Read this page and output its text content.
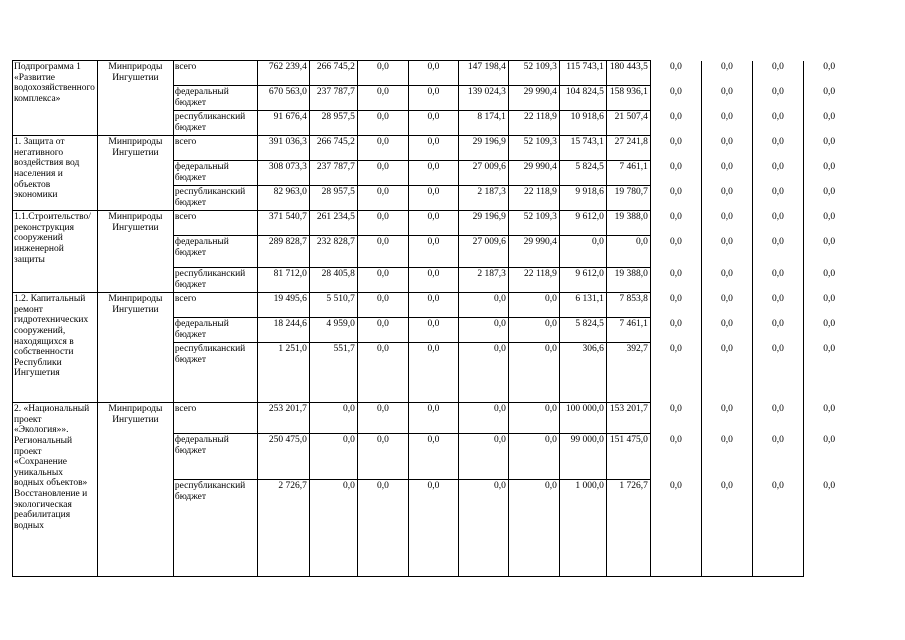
Подпрограмма 1 «Развитие водохозяйственного комплекса»	Минприроды Ингушетии	всего	762 239,4	266 745,2	0,0	0,0	147 198,4	52 109,3	115 743,1	180 443,5	0,0	0,0	0,0	0,0
		федеральный бюджет	670 563,0	237 787,7	0,0	0,0	139 024,3	29 990,4	104 824,5	158 936,1	0,0	0,0	0,0	0,0
		республиканский бюджет	91 676,4	28 957,5	0,0	0,0	8 174,1	22 118,9	10 918,6	21 507,4	0,0	0,0	0,0	0,0
1. Защита от негативного воздействия вод населения и объектов экономики	Минприроды Ингушетии	всего	391 036,3	266 745,2	0,0	0,0	29 196,9	52 109,3	15 743,1	27 241,8	0,0	0,0	0,0	0,0
		федеральный бюджет	308 073,3	237 787,7	0,0	0,0	27 009,6	29 990,4	5 824,5	7 461,1	0,0	0,0	0,0	0,0
		республиканский бюджет	82 963,0	28 957,5	0,0	0,0	2 187,3	22 118,9	9 918,6	19 780,7	0,0	0,0	0,0	0,0
1.1.Строительство/реконструкция сооружений инженерной защиты	Минприроды Ингушетии	всего	371 540,7	261 234,5	0,0	0,0	29 196,9	52 109,3	9 612,0	19 388,0	0,0	0,0	0,0	0,0
		федеральный бюджет	289 828,7	232 828,7	0,0	0,0	27 009,6	29 990,4	0,0	0,0	0,0	0,0	0,0	0,0
		республиканский бюджет	81 712,0	28 405,8	0,0	0,0	2 187,3	22 118,9	9 612,0	19 388,0	0,0	0,0	0,0	0,0
1.2. Капитальный ремонт гидротехнических сооружений, находящихся в собственности Республики Ингушетия	Минприроды Ингушетии	всего	19 495,6	5 510,7	0,0	0,0	0,0	0,0	6 131,1	7 853,8	0,0	0,0	0,0	0,0
		федеральный бюджет	18 244,6	4 959,0	0,0	0,0	0,0	0,0	5 824,5	7 461,1	0,0	0,0	0,0	0,0
		республиканский бюджет	1 251,0	551,7	0,0	0,0	0,0	0,0	306,6	392,7	0,0	0,0	0,0	0,0
2. «Национальный проект «Экология»». Региональный проект «Сохранение уникальных водных объектов» Восстановление и экологическая реабилитация водных	Минприроды Ингушетии	всего	253 201,7	0,0	0,0	0,0	0,0	0,0	100 000,0	153 201,7	0,0	0,0	0,0	0,0
		федеральный бюджет	250 475,0	0,0	0,0	0,0	0,0	0,0	99 000,0	151 475,0	0,0	0,0	0,0	0,0
		республиканский бюджет	2 726,7	0,0	0,0	0,0	0,0	0,0	1 000,0	1 726,7	0,0	0,0	0,0	0,0
